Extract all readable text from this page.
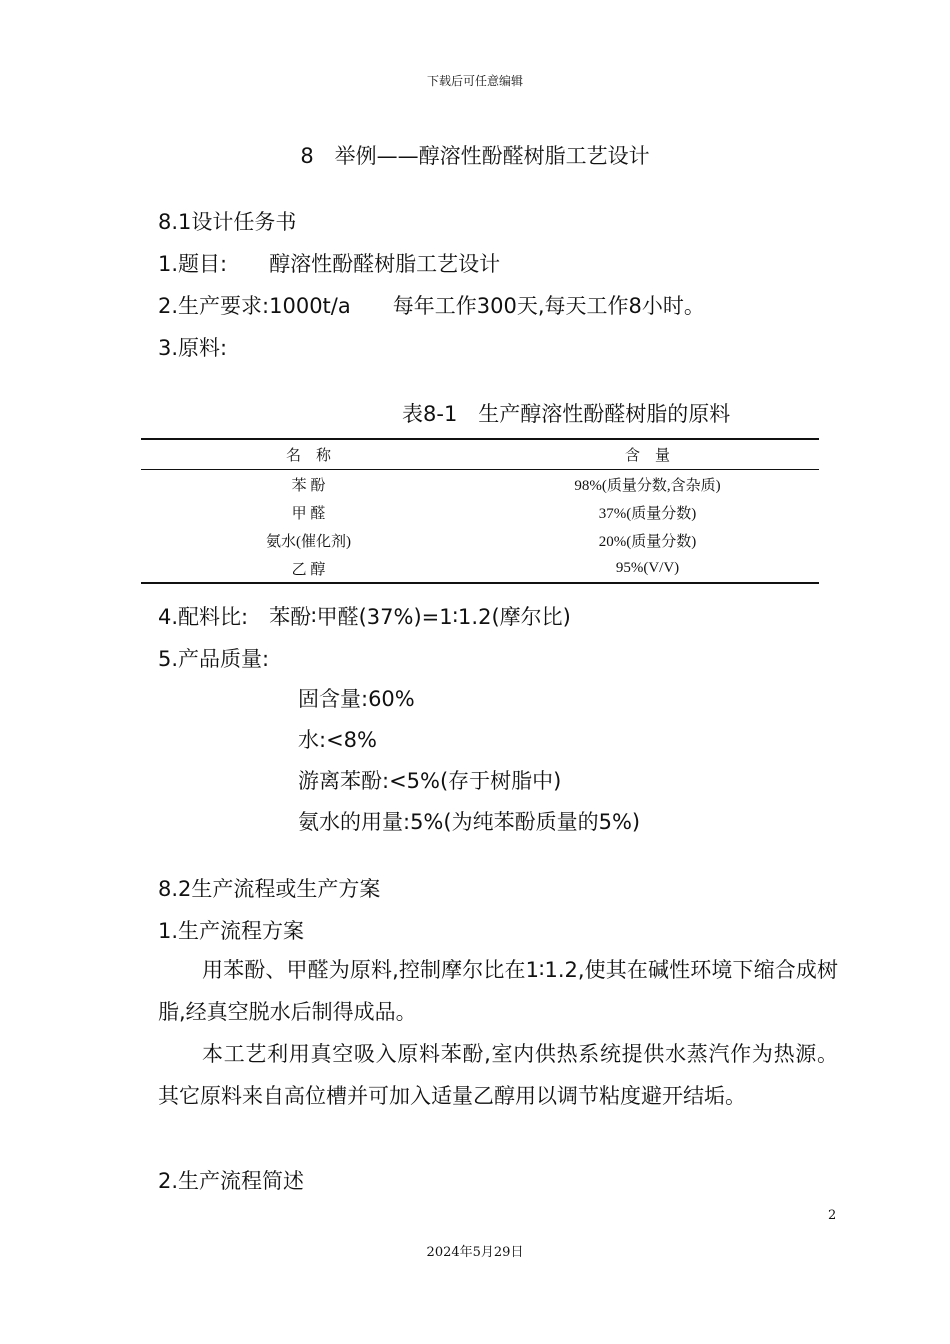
下载后可任意编辑
8　举例——醇溶性酚醛树脂工艺设计
8.1设计任务书
1.题目:　　醇溶性酚醛树脂工艺设计
2.生产要求:1000t/a　　每年工作300天,每天工作8小时。
3.原料:
表8-1　生产醇溶性酚醛树脂的原料
名　称	含　量
苯 酚	98%(质量分数,含杂质)
甲 醛	37%(质量分数)
氨水(催化剂)	20%(质量分数)
乙 醇	95%(V/V)
4.配料比:　苯酚∶甲醛(37%)=1∶1.2(摩尔比)
5.产品质量:
固含量:60%
水:<8%
游离苯酚:<5%(存于树脂中)
氨水的用量:5%(为纯苯酚质量的5%)
8.2生产流程或生产方案
1.生产流程方案
用苯酚、甲醛为原料,控制摩尔比在1∶1.2,使其在碱性环境下缩合成树脂,经真空脱水后制得成品。
本工艺利用真空吸入原料苯酚,室内供热系统提供水蒸汽作为热源。其它原料来自高位槽并可加入适量乙醇用以调节粘度避开结垢。
2.生产流程简述
2
2024年5月29日
